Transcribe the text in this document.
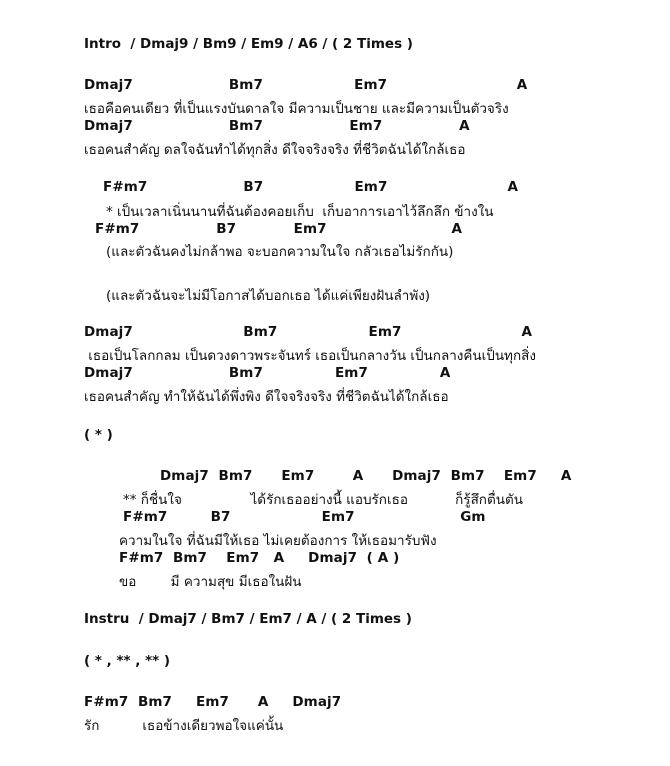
Intro  / Dmaj9 / Bm9 / Em9 / A6 / ( 2 Times )
Dmaj7                    Bm7                   Em7                           A
เธอคือคนเดียว ที่เป็นแรงบันดาลใจ มีความเป็นชาย และมีความเป็นตัวจริง
Dmaj7                    Bm7                  Em7                A
เธอคนสำคัญ ดลใจฉันทำได้ทุกสิ่ง ดีใจจริงจริง ที่ชีวิตฉันได้ใกล้เธอ
F#m7                    B7                   Em7                         A
* เป็นเวลาเนิ่นนานที่ฉันต้องคอยเก็บ  เก็บอาการเอาไว้ลึกลึก ข้างใน
F#m7                B7            Em7                          A
(และตัวฉันคงไม่กล้าพอ จะบอกความในใจ กลัวเธอไม่รักกัน)
(และตัวฉันจะไม่มีโอกาสได้บอกเธอ ได้แค่เพียงฝันลำพัง)
Dmaj7                       Bm7                   Em7                         A
เธอเป็นโลกกลม เป็นดวงดาวพระจันทร์ เธอเป็นกลางวัน เป็นกลางคืนเป็นทุกสิ่ง
Dmaj7                    Bm7               Em7               A
เธอคนสำคัญ ทำให้ฉันได้พึ่งพิง ดีใจจริงจริง ที่ชีวิตฉันได้ใกล้เธอ
( * )
Dmaj7  Bm7      Em7        A      Dmaj7  Bm7    Em7     A
** ก็ชื่นใจ                ได้รักเธออย่างนี้ แอบรักเธอ           ก็รู้สึกตื่นตัน
F#m7         B7                   Em7                      Gm
ความในใจ ที่ฉันมีให้เธอ ไม่เคยต้องการ ให้เธอมารับฟัง
F#m7  Bm7    Em7   A     Dmaj7  ( A )
ขอ        มี ความสุข มีเธอในฝัน
Instru  / Dmaj7 / Bm7 / Em7 / A / ( 2 Times )
( * , ** , ** )
F#m7  Bm7     Em7      A     Dmaj7
รัก          เธอข้างเดียวพอใจแค่นั้น
